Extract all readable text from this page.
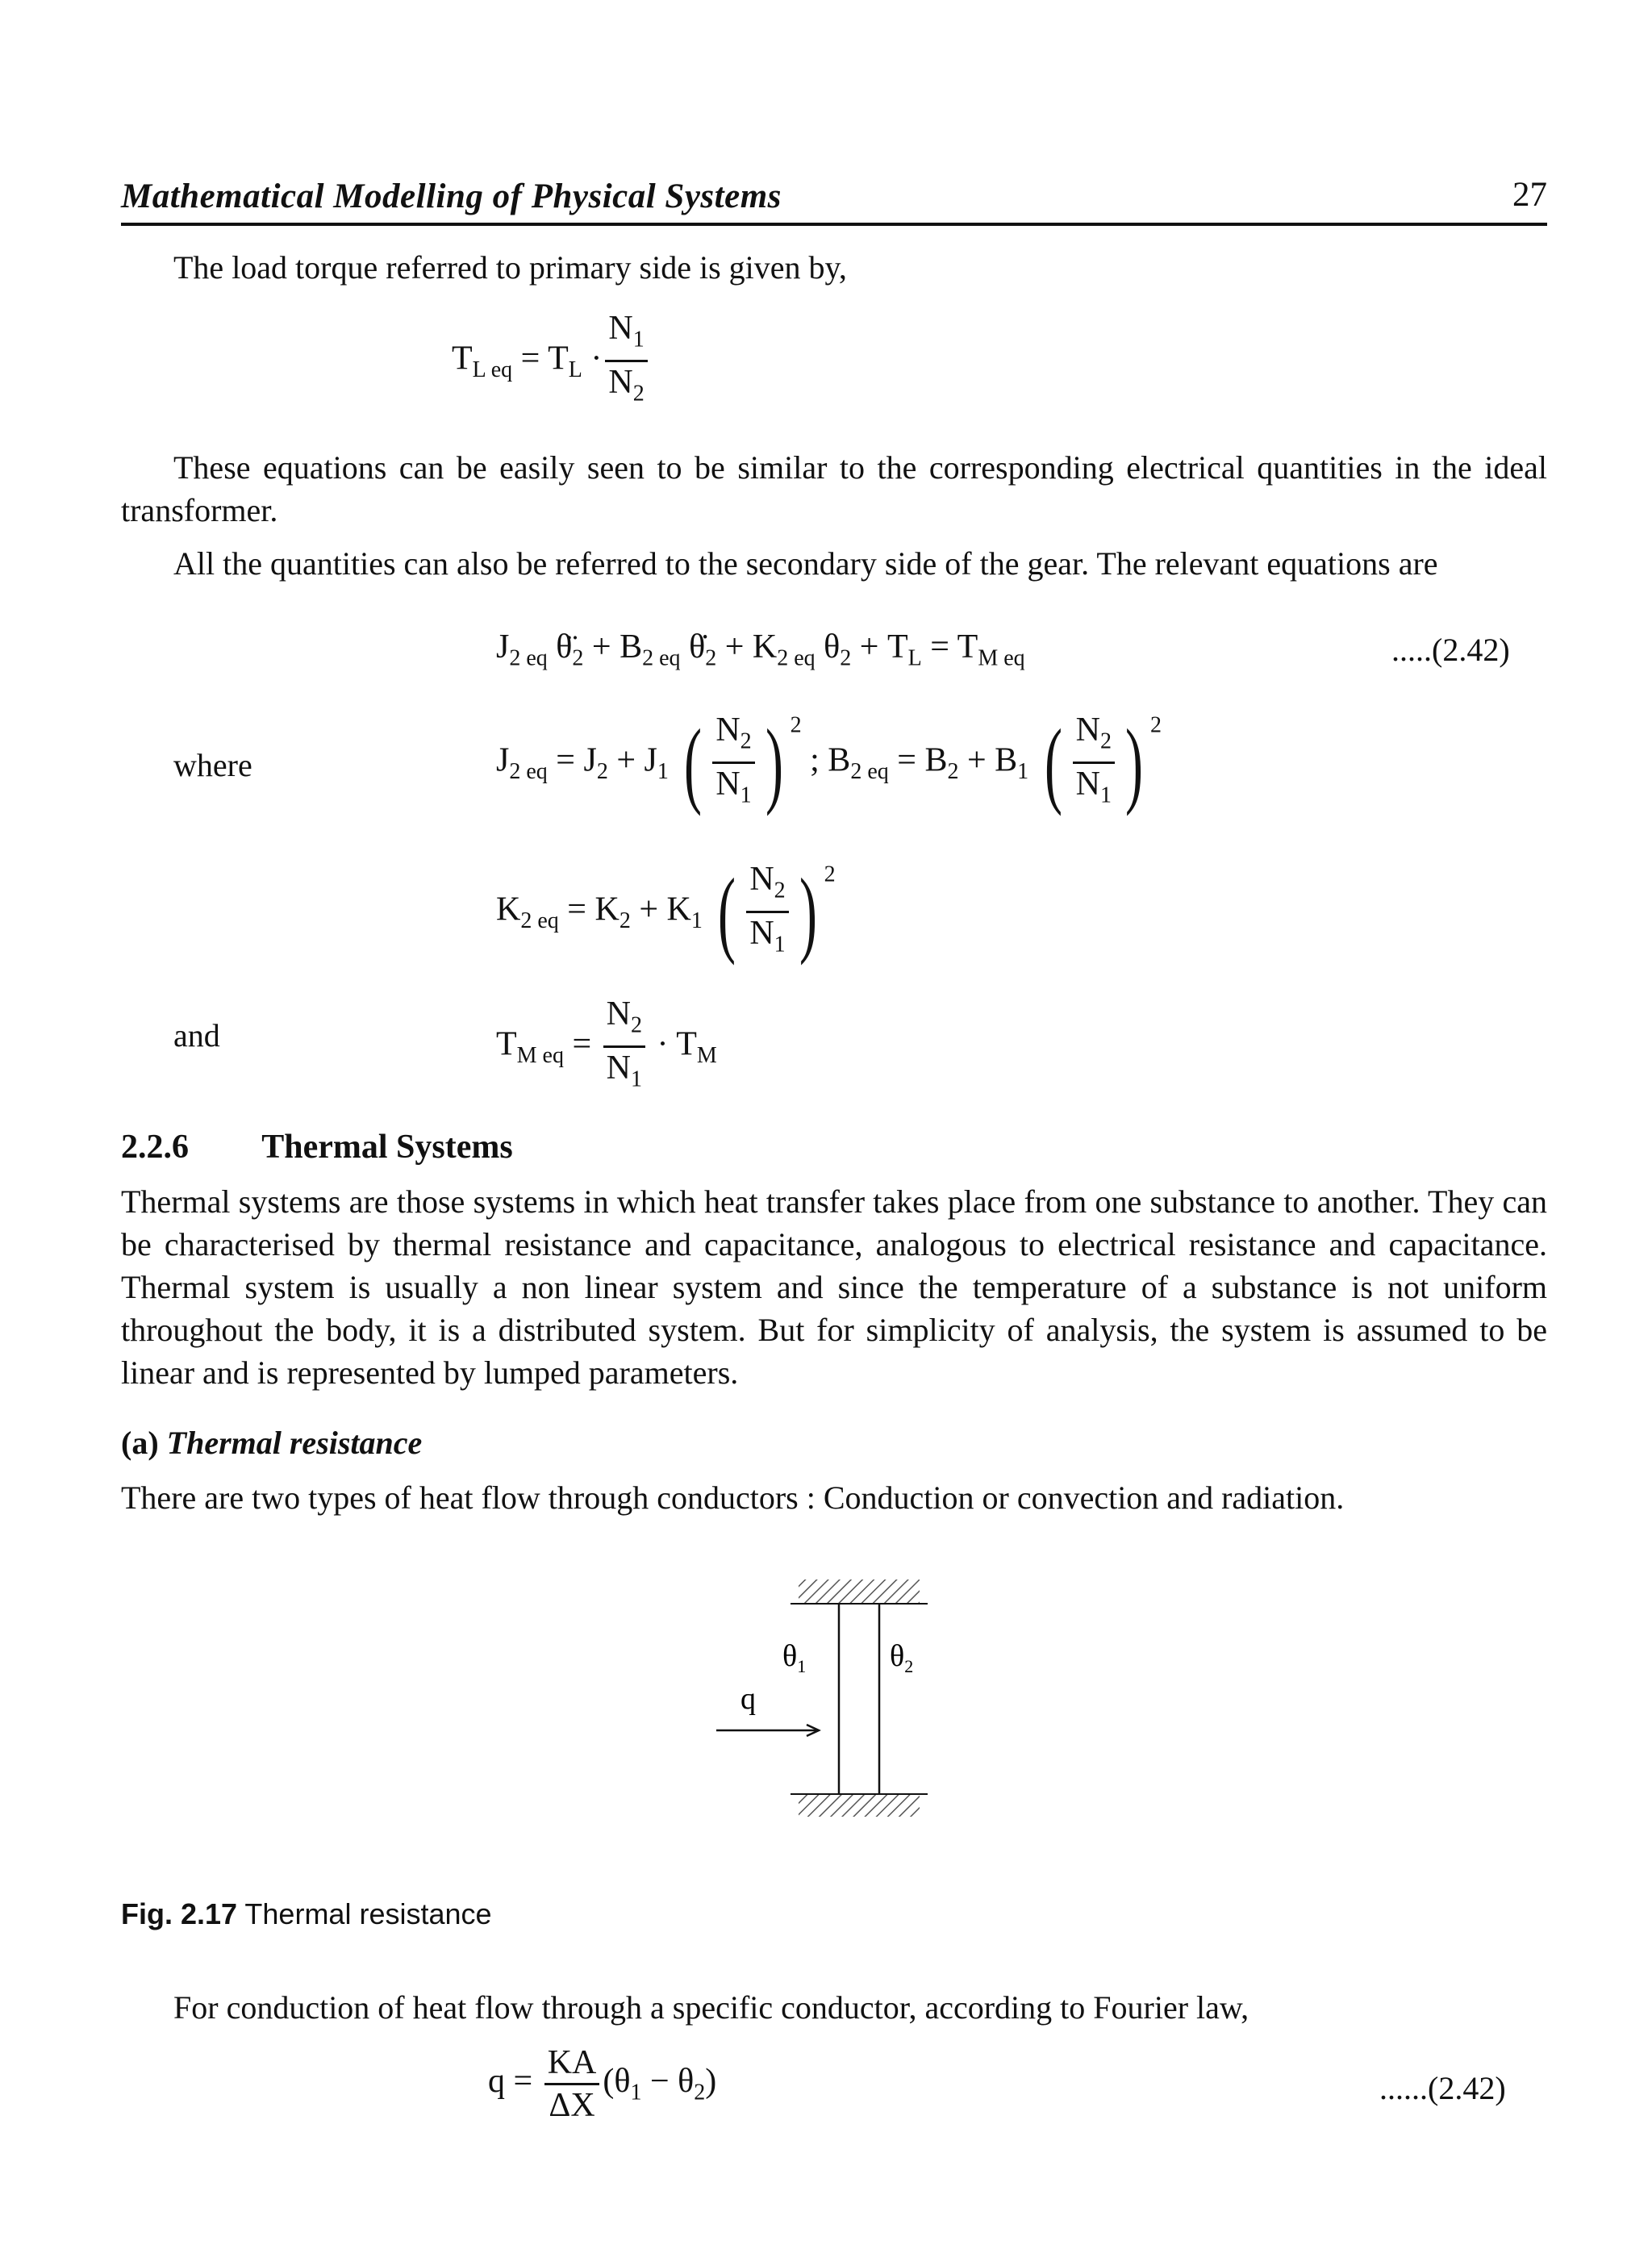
Mathematical Modelling of Physical Systems	27
The load torque referred to primary side is given by,
$T_{L eq} = T_L \cdot \frac{N_1}{N_2}$
These equations can be easily seen to be similar to the corresponding electrical quantities in the ideal transformer.
All the quantities can also be referred to the secondary side of the gear. The relevant equations are
$J_{2 eq}$ $\thetä_2 + B_{2 eq}$ $\thetȧ_2 + K_{2 eq}$ $\theta_2 + T_L = T_{M eq}$	.....(2.42)
where	$J_{2 eq} = J_2 + J_1$ ( $\frac{N_2}{N_1}$ ) $^2$ ; $B_{2 eq} = B_2 + B_1$ ( $\frac{N_2}{N_1}$ ) $^2$
$K_{2 eq} = K_2 + K_1$ ( $\frac{N_2}{N_1}$ ) $^2$
and	$T_{M eq} = \frac{N_2}{N_1} \cdot T_M$
2.2.6 Thermal Systems
Thermal systems are those systems in which heat transfer takes place from one substance to another. They can be characterised by thermal resistance and capacitance, analogous to electrical resistance and capacitance. Thermal system is usually a non linear system and since the temperature of a substance is not uniform throughout the body, it is a distributed system. But for simplicity of analysis, the system is assumed to be linear and is represented by lumped parameters.
(a) Thermal resistance
There are two types of heat flow through conductors : Conduction or convection and radiation.
$\theta_1$	$\theta_2$
q
Fig. 2.17 Thermal resistance
For conduction of heat flow through a specific conductor, according to Fourier law,
$q = \frac{KA}{\Delta X} (\theta_1 - \theta_2)$	......(2.42)
